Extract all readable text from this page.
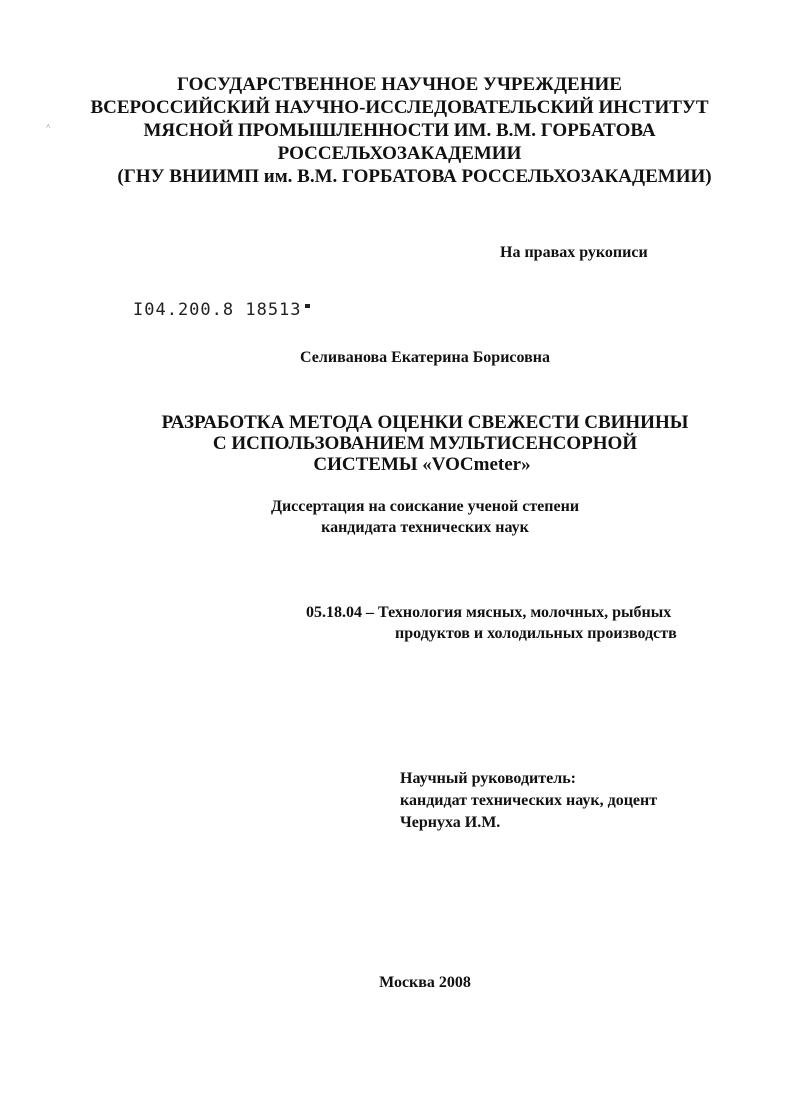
˄
ГОСУДАРСТВЕННОЕ НАУЧНОЕ УЧРЕЖДЕНИЕ
ВСЕРОССИЙСКИЙ НАУЧНО-ИССЛЕДОВАТЕЛЬСКИЙ ИНСТИТУТ
МЯСНОЙ ПРОМЫШЛЕННОСТИ ИМ. В.М. ГОРБАТОВА
РОССЕЛЬХОЗАКАДЕМИИ
(ГНУ ВНИИМП им. В.М. ГОРБАТОВА РОССЕЛЬХОЗАКАДЕМИИ)
На правах рукописи
І04.200.8 18513
Селиванова Екатерина Борисовна
РАЗРАБОТКА МЕТОДА ОЦЕНКИ СВЕЖЕСТИ СВИНИНЫ
С ИСПОЛЬЗОВАНИЕМ МУЛЬТИСЕНСОРНОЙ
СИСТЕМЫ «VOCmeter»
Диссертация на соискание ученой степени
кандидата технических наук
05.18.04 – Технология мясных, молочных, рыбных
продуктов и холодильных производств
Научный руководитель:
кандидат технических наук, доцент
Чернуха И.М.
Москва 2008
